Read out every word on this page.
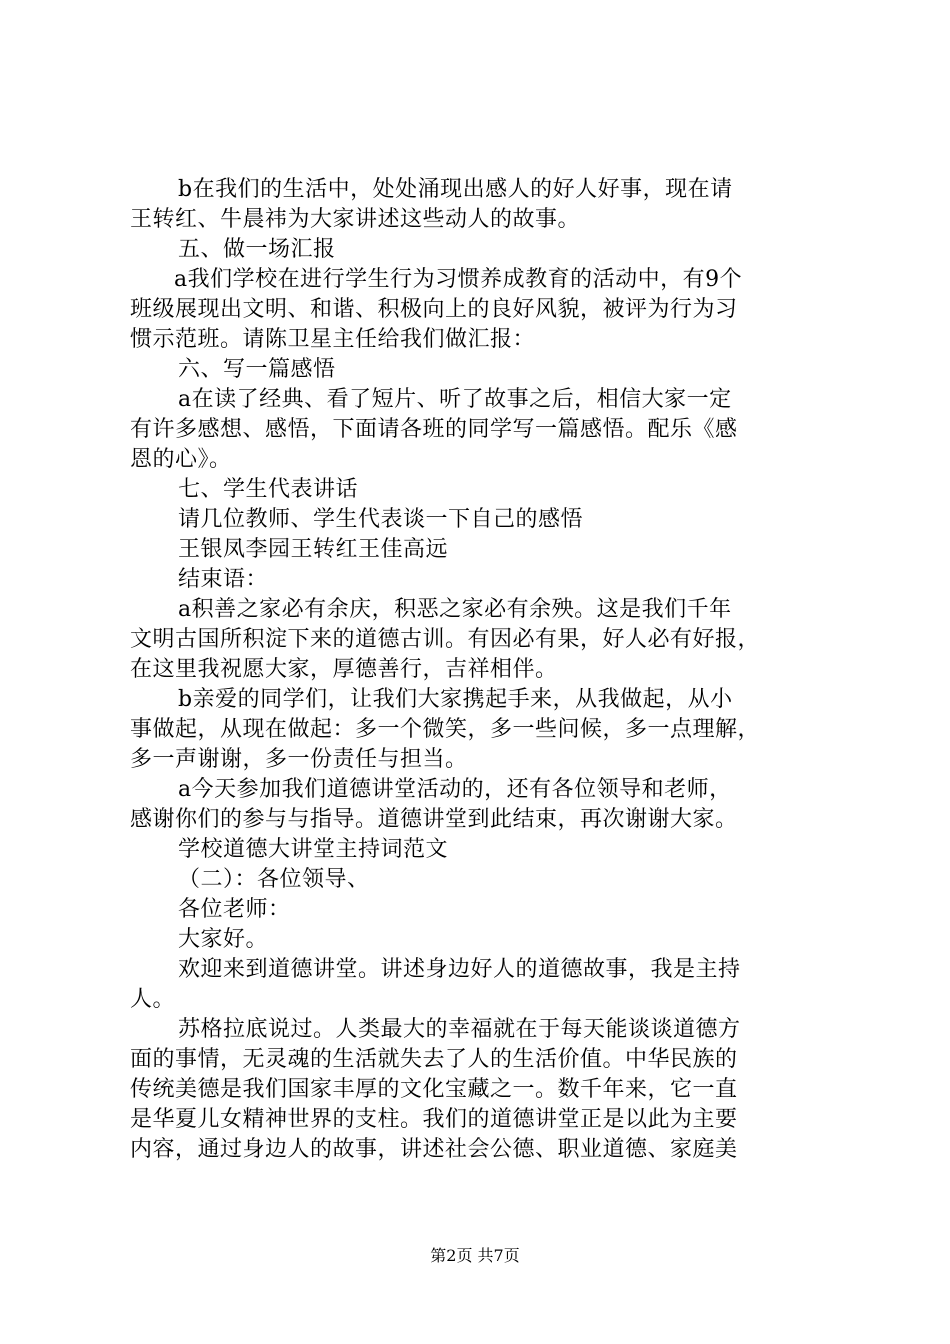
b在我们的生活中，处处涌现出感人的好人好事，现在请
王转红、牛晨祎为大家讲述这些动人的故事。
五、做一场汇报
a我们学校在进行学生行为习惯养成教育的活动中，有9个
班级展现出文明、和谐、积极向上的良好风貌，被评为行为习
惯示范班。请陈卫星主任给我们做汇报：
六、写一篇感悟
a在读了经典、看了短片、听了故事之后，相信大家一定
有许多感想、感悟，下面请各班的同学写一篇感悟。配乐《感
恩的心》。
七、学生代表讲话
请几位教师、学生代表谈一下自己的感悟
王银凤李园王转红王佳高远
结束语：
a积善之家必有余庆，积恶之家必有余殃。这是我们千年
文明古国所积淀下来的道德古训。有因必有果，好人必有好报，
在这里我祝愿大家，厚德善行，吉祥相伴。
b亲爱的同学们，让我们大家携起手来，从我做起，从小
事做起，从现在做起：多一个微笑，多一些问候，多一点理解，
多一声谢谢，多一份责任与担当。
a今天参加我们道德讲堂活动的，还有各位领导和老师，
感谢你们的参与与指导。道德讲堂到此结束，再次谢谢大家。
学校道德大讲堂主持词范文
（二）：各位领导、
各位老师：
大家好。
欢迎来到道德讲堂。讲述身边好人的道德故事，我是主持
人。
苏格拉底说过。人类最大的幸福就在于每天能谈谈道德方
面的事情，无灵魂的生活就失去了人的生活价值。中华民族的
传统美德是我们国家丰厚的文化宝藏之一。数千年来，它一直
是华夏儿女精神世界的支柱。我们的道德讲堂正是以此为主要
内容，通过身边人的故事，讲述社会公德、职业道德、家庭美
第2页 共7页
